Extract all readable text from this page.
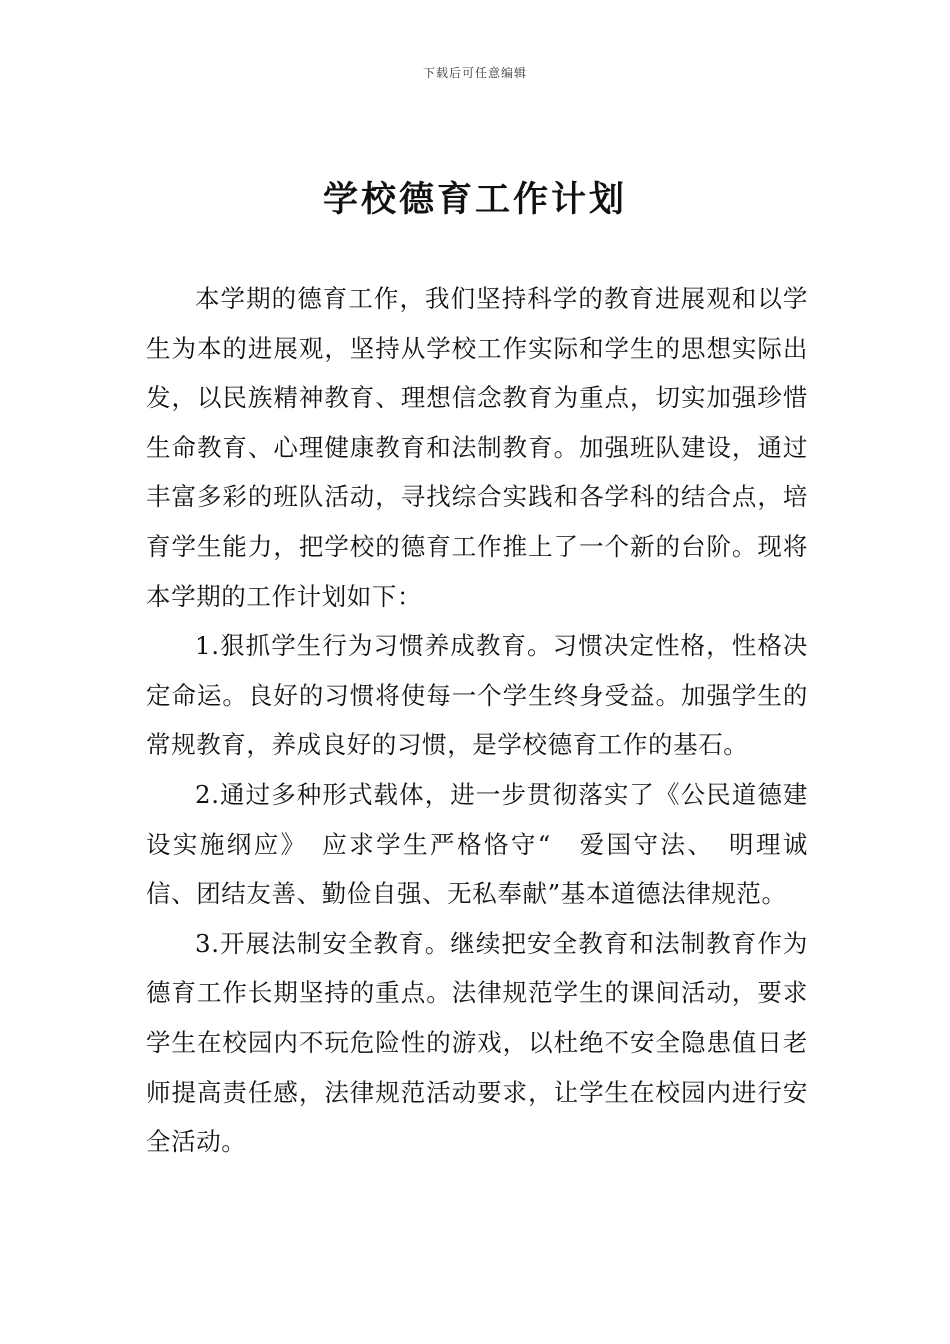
下载后可任意编辑
学校德育工作计划

本学期的德育工作，我们坚持科学的教育进展观和以学生为本的进展观，坚持从学校工作实际和学生的思想实际出发，以民族精神教育、理想信念教育为重点，切实加强珍惜生命教育、心理健康教育和法制教育。加强班队建设，通过丰富多彩的班队活动，寻找综合实践和各学科的结合点，培育学生能力，把学校的德育工作推上了一个新的台阶。现将本学期的工作计划如下：

1.狠抓学生行为习惯养成教育。习惯决定性格，性格决定命运。良好的习惯将使每一个学生终身受益。加强学生的常规教育，养成良好的习惯，是学校德育工作的基石。

2.通过多种形式载体，进一步贯彻落实了《公民道德建设实施纲应》　应求学生严格恪守“　爱国守法、　明理诚信、团结友善、勤俭自强、无私奉献”基本道德法律规范。

3.开展法制安全教育。继续把安全教育和法制教育作为德育工作长期坚持的重点。法律规范学生的课间活动，要求学生在校园内不玩危险性的游戏，以杜绝不安全隐患值日老师提高责任感，法律规范活动要求，让学生在校园内进行安全活动。
